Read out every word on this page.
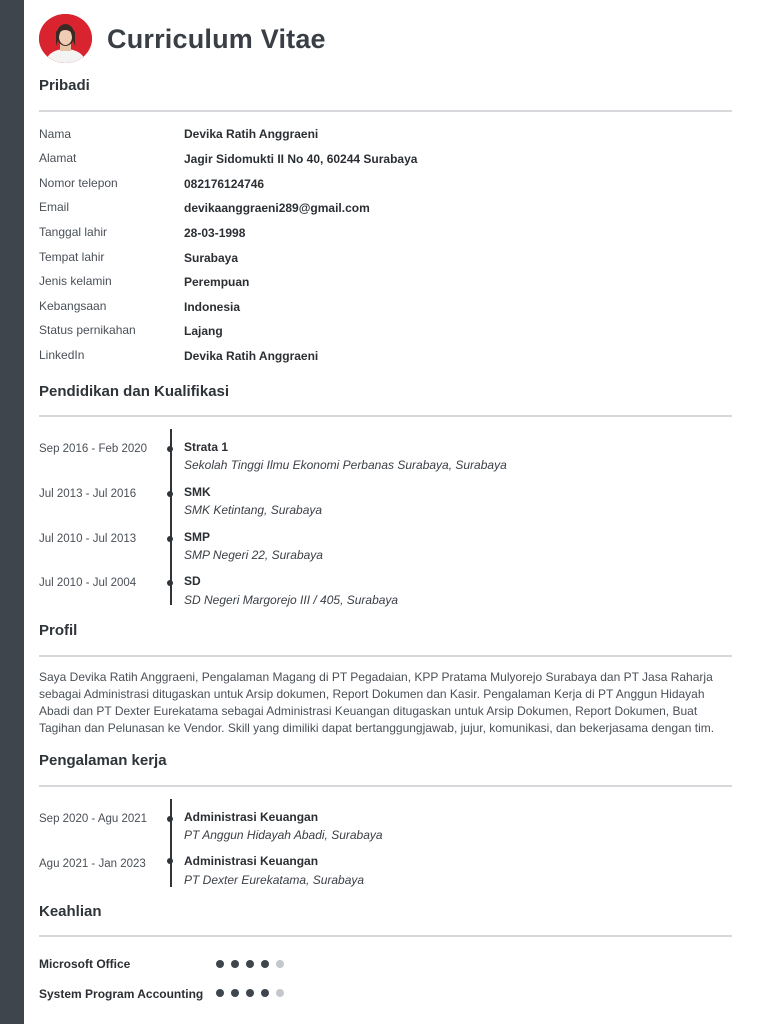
Curriculum Vitae
Pribadi
Nama	Devika Ratih Anggraeni
Alamat	Jagir Sidomukti II No 40, 60244 Surabaya
Nomor telepon	082176124746
Email	devikaanggraeni289@gmail.com
Tanggal lahir	28-03-1998
Tempat lahir	Surabaya
Jenis kelamin	Perempuan
Kebangsaan	Indonesia
Status pernikahan	Lajang
LinkedIn	Devika Ratih Anggraeni
Pendidikan dan Kualifikasi
Sep 2016 - Feb 2020	Strata 1
Sekolah Tinggi Ilmu Ekonomi Perbanas Surabaya, Surabaya
Jul 2013 - Jul 2016	SMK
SMK Ketintang, Surabaya
Jul 2010 - Jul 2013	SMP
SMP Negeri 22, Surabaya
Jul 2010 - Jul 2004	SD
SD Negeri Margorejo III / 405, Surabaya
Profil
Saya Devika Ratih Anggraeni, Pengalaman Magang di PT Pegadaian, KPP Pratama Mulyorejo Surabaya dan PT Jasa Raharja sebagai Administrasi ditugaskan untuk Arsip dokumen, Report Dokumen dan Kasir. Pengalaman Kerja di PT Anggun Hidayah Abadi dan PT Dexter Eurekatama sebagai Administrasi Keuangan ditugaskan untuk Arsip Dokumen, Report Dokumen, Buat Tagihan dan Pelunasan ke Vendor. Skill yang dimiliki dapat bertanggungjawab, jujur, komunikasi, dan bekerjasama dengan tim.
Pengalaman kerja
Sep 2020 - Agu 2021	Administrasi Keuangan
PT Anggun Hidayah Abadi, Surabaya
Agu 2021 - Jan 2023	Administrasi Keuangan
PT Dexter Eurekatama, Surabaya
Keahlian
Microsoft Office
System Program Accounting
